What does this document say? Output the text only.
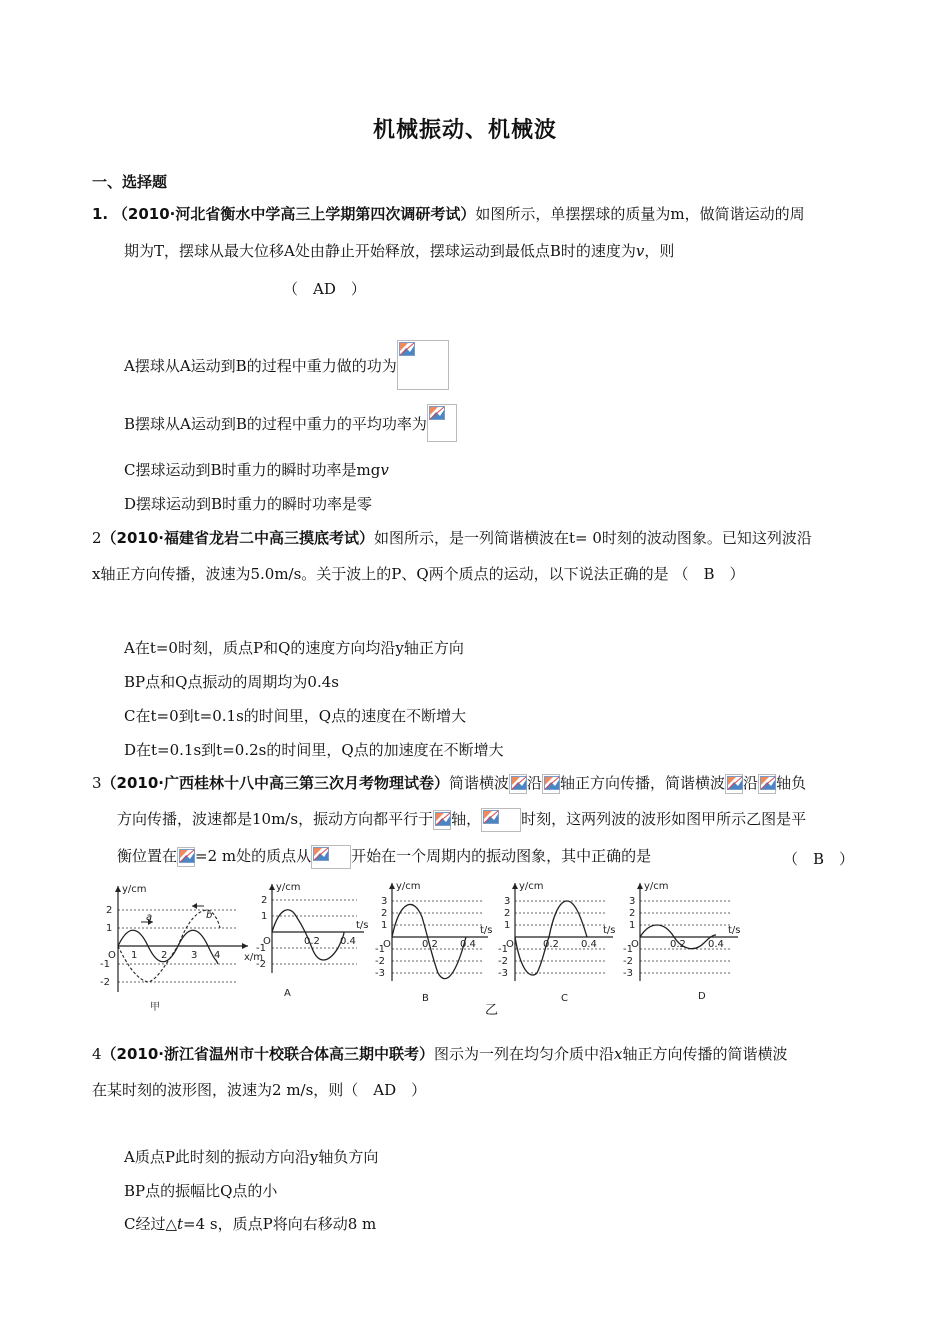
机械振动、机械波
一、选择题
1. （2010·河北省衡水中学高三上学期第四次调研考试）如图所示，单摆摆球的质量为m，做简谐运动的周
期为T，摆球从最大位移A处由静止开始释放，摆球运动到最低点B时的速度为v，则
（　AD　）
A摆球从A运动到B的过程中重力做的功为
B摆球从A运动到B的过程中重力的平均功率为
C摆球运动到B时重力的瞬时功率是mgv
D摆球运动到B时重力的瞬时功率是零
2（2010·福建省龙岩二中高三摸底考试）如图所示，是一列简谐横波在t= 0时刻的波动图象。已知这列波沿
x轴正方向传播，波速为5.0m/s。关于波上的P、Q两个质点的运动，以下说法正确的是 （　B　）
A在t=0时刻，质点P和Q的速度方向均沿y轴正方向
BP点和Q点振动的周期均为0.4s
C在t=0到t=0.1s的时间里，Q点的速度在不断增大
D在t=0.1s到t=0.2s的时间里，Q点的加速度在不断增大
3（2010·广西桂林十八中高三第三次月考物理试卷）简谐横波 沿 轴正方向传播，简谐横波 沿 轴负
方向传播，波速都是10m/s，振动方向都平行于 轴，	时刻，这两列波的波形如图甲所示乙图是平
衡位置在 =2 m处的质点从	开始在一个周期内的振动图象，其中正确的是	（　B　）
y/cm
x/m
a	b
2
1
-1
-2
O 1 2 3 4
甲
y/cm
t/s
2
1
-1
-2
O	0.2 0.4
A
y/cm
t/s
3
2
1
-1
-2
-3
O	0.2 0.4
B
y/cm
t/s
3
2
1
-1
-2
-3
O	0.2 0.4
C
乙
y/cm
t/s
3
2
1
-1
-2
-3
O	0.2 0.4
D
4（2010·浙江省温州市十校联合体高三期中联考）图示为一列在均匀介质中沿x轴正方向传播的简谐横波
在某时刻的波形图，波速为2 m/s，则（　AD　）
A质点P此时刻的振动方向沿y轴负方向
BP点的振幅比Q点的小
C经过△t=4 s，质点P将向右移动8 m
